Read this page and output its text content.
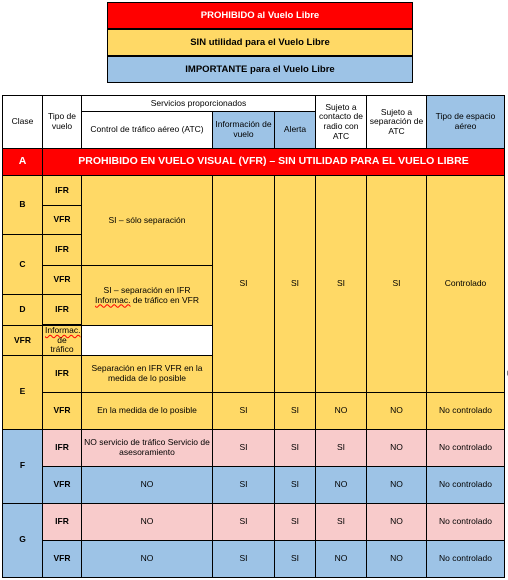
PROHIBIDO al Vuelo Libre
SIN utilidad para el Vuelo Libre
IMPORTANTE para el Vuelo Libre
Clase	Tipo de vuelo	Servicios proporcionados			Sujeto a contacto de radio con ATC	Sujeto a separación de ATC	Tipo de espacio aéreo	
		Control de tráfico aéreo (ATC)	Información de vuelo	Alerta				
A	PROHIBIDO EN VUELO VISUAL (VFR) – SIN UTILIDAD PARA EL VUELO LIBRE							
B	IFR	SI – sólo separación	SI	SI	SI	SI	Controlado	
	VFR							
C	IFR							

	VFR	SI – separación en IFR
Informac. de tráfico en VFR						

D	IFR							

VFR	Informac. de tráfico							
E	IFR	Separación en IFR VFR en la medida de lo posible					
	VFR	En la medida de lo posible	SI	SI	NO	NO	No controlado	
F	IFR	NO servicio de tráfico Servicio de asesoramiento	SI	SI	SI	NO	No controlado	
	VFR	NO	SI	SI	NO	NO	No controlado	
G	IFR	NO	SI	SI	SI	NO	No controlado	
	VFR	NO	SI	SI	NO	NO	No controlado	
